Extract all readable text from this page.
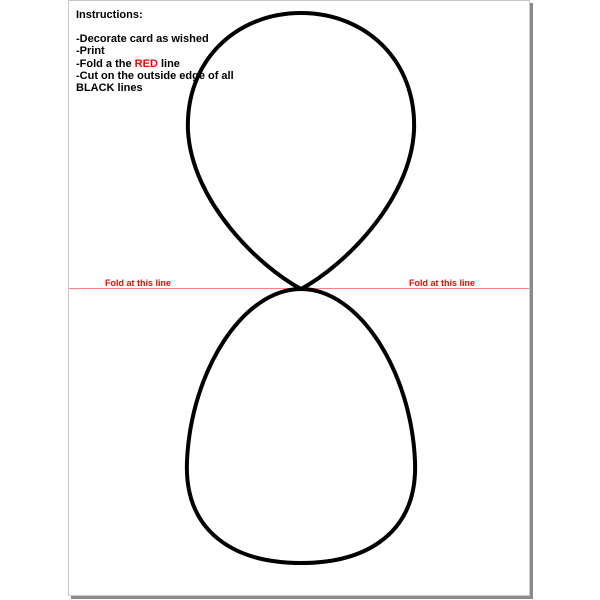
Instructions:
-Decorate card as wished
-Print
-Fold a the RED line
-Cut on the outside edge of all BLACK lines
Fold at this line	Fold at this line
